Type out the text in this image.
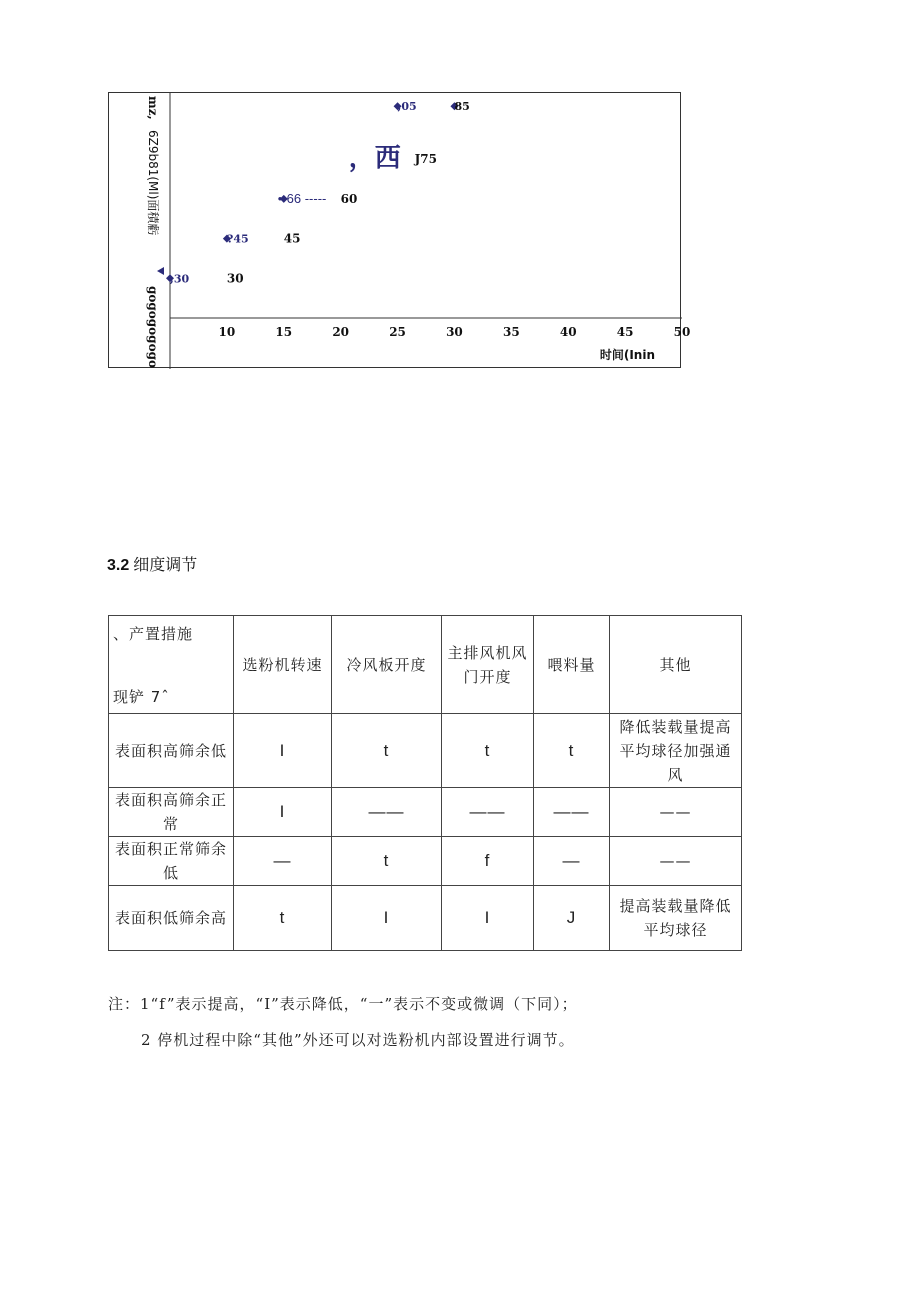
10	15	20	25	30	35	40	45	50
,30
?45
•-66 -----
,05	85
30
45
60
，西 J75
时间(Inin
mz,
6Z9b81(Ml)面積虧
gogogogogo
3.2 细度调节
、产置措施
现铲 7ˆ	选粉机转速	冷风板开度	主排风机风门开度	喂料量	其他
表面积高筛余低	I	t	t	t	降低装载量提高平均球径加强通风
表面积高筛余正常	I	——	——	——	——
表面积正常筛余低	—	t	f	—	——
表面积低筛余高	t	I	I	J	提高装载量降低平均球径
注：1“f”表示提高，“I”表示降低，“一”表示不变或微调（下同）；
2 停机过程中除“其他”外还可以对选粉机内部设置进行调节。
